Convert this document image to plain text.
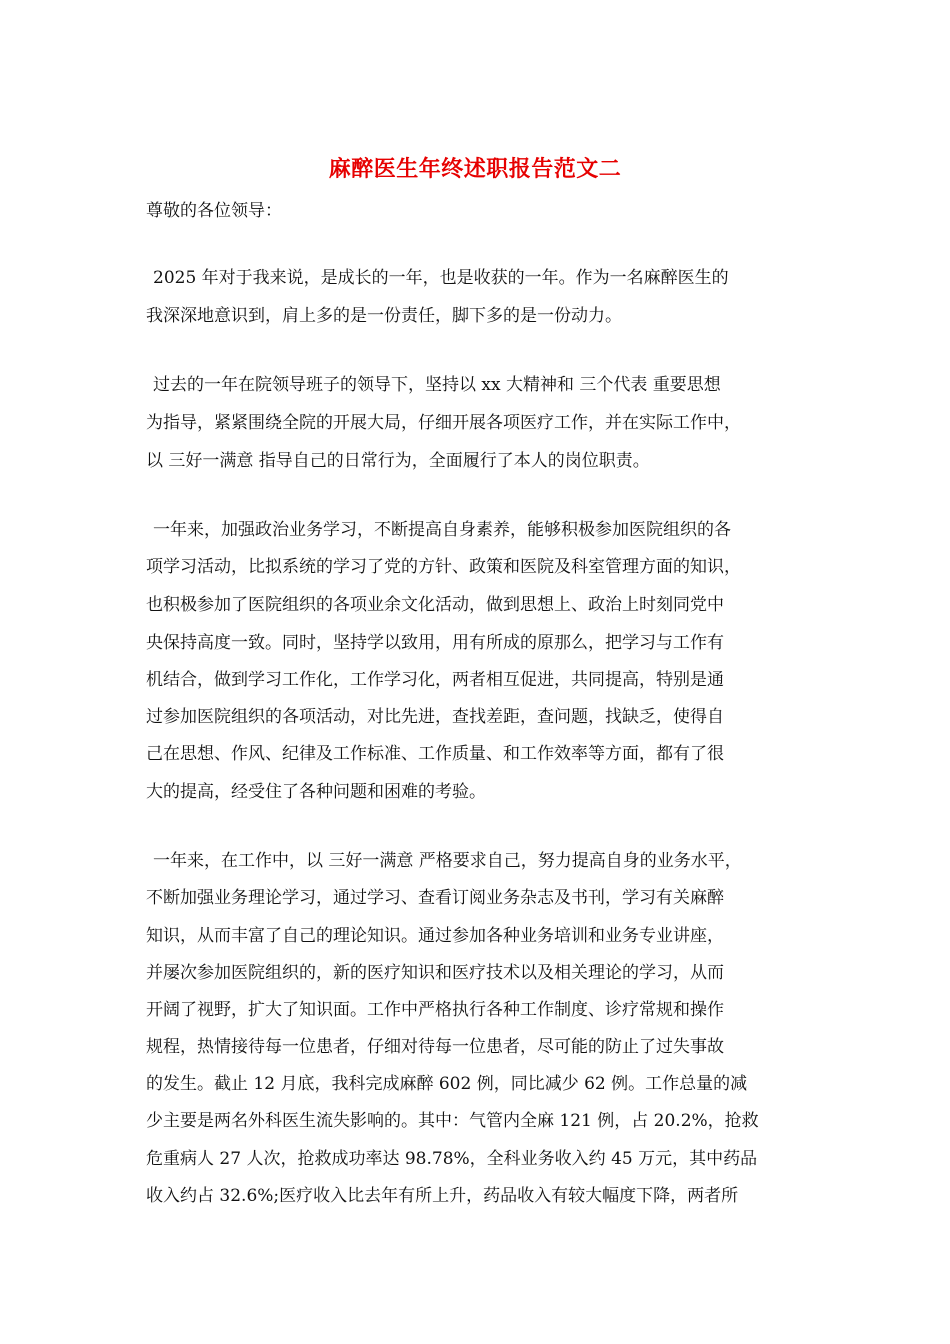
麻醉医生年终述职报告范文二
尊敬的各位领导：
2025 年对于我来说，是成长的一年，也是收获的一年。作为一名麻醉医生的
我深深地意识到，肩上多的是一份责任，脚下多的是一份动力。
过去的一年在院领导班子的领导下，坚持以 xx 大精神和 三个代表 重要思想
为指导，紧紧围绕全院的开展大局，仔细开展各项医疗工作，并在实际工作中，
以 三好一满意 指导自己的日常行为，全面履行了本人的岗位职责。
一年来，加强政治业务学习，不断提高自身素养，能够积极参加医院组织的各
项学习活动，比拟系统的学习了党的方针、政策和医院及科室管理方面的知识，
也积极参加了医院组织的各项业余文化活动，做到思想上、政治上时刻同党中
央保持高度一致。同时，坚持学以致用，用有所成的原那么，把学习与工作有
机结合，做到学习工作化，工作学习化，两者相互促进，共同提高，特别是通
过参加医院组织的各项活动，对比先进，查找差距，查问题，找缺乏，使得自
己在思想、作风、纪律及工作标准、工作质量、和工作效率等方面，都有了很
大的提高，经受住了各种问题和困难的考验。
一年来，在工作中，以 三好一满意 严格要求自己，努力提高自身的业务水平，
不断加强业务理论学习，通过学习、查看订阅业务杂志及书刊，学习有关麻醉
知识，从而丰富了自己的理论知识。通过参加各种业务培训和业务专业讲座，
并屡次参加医院组织的，新的医疗知识和医疗技术以及相关理论的学习，从而
开阔了视野，扩大了知识面。工作中严格执行各种工作制度、诊疗常规和操作
规程，热情接待每一位患者，仔细对待每一位患者，尽可能的防止了过失事故
的发生。截止 12 月底，我科完成麻醉 602 例，同比减少 62 例。工作总量的减
少主要是两名外科医生流失影响的。其中：气管内全麻 121 例，占 20.2%，抢救
危重病人 27 人次，抢救成功率达 98.78%，全科业务收入约 45 万元，其中药品
收入约占 32.6%;医疗收入比去年有所上升，药品收入有较大幅度下降，两者所
